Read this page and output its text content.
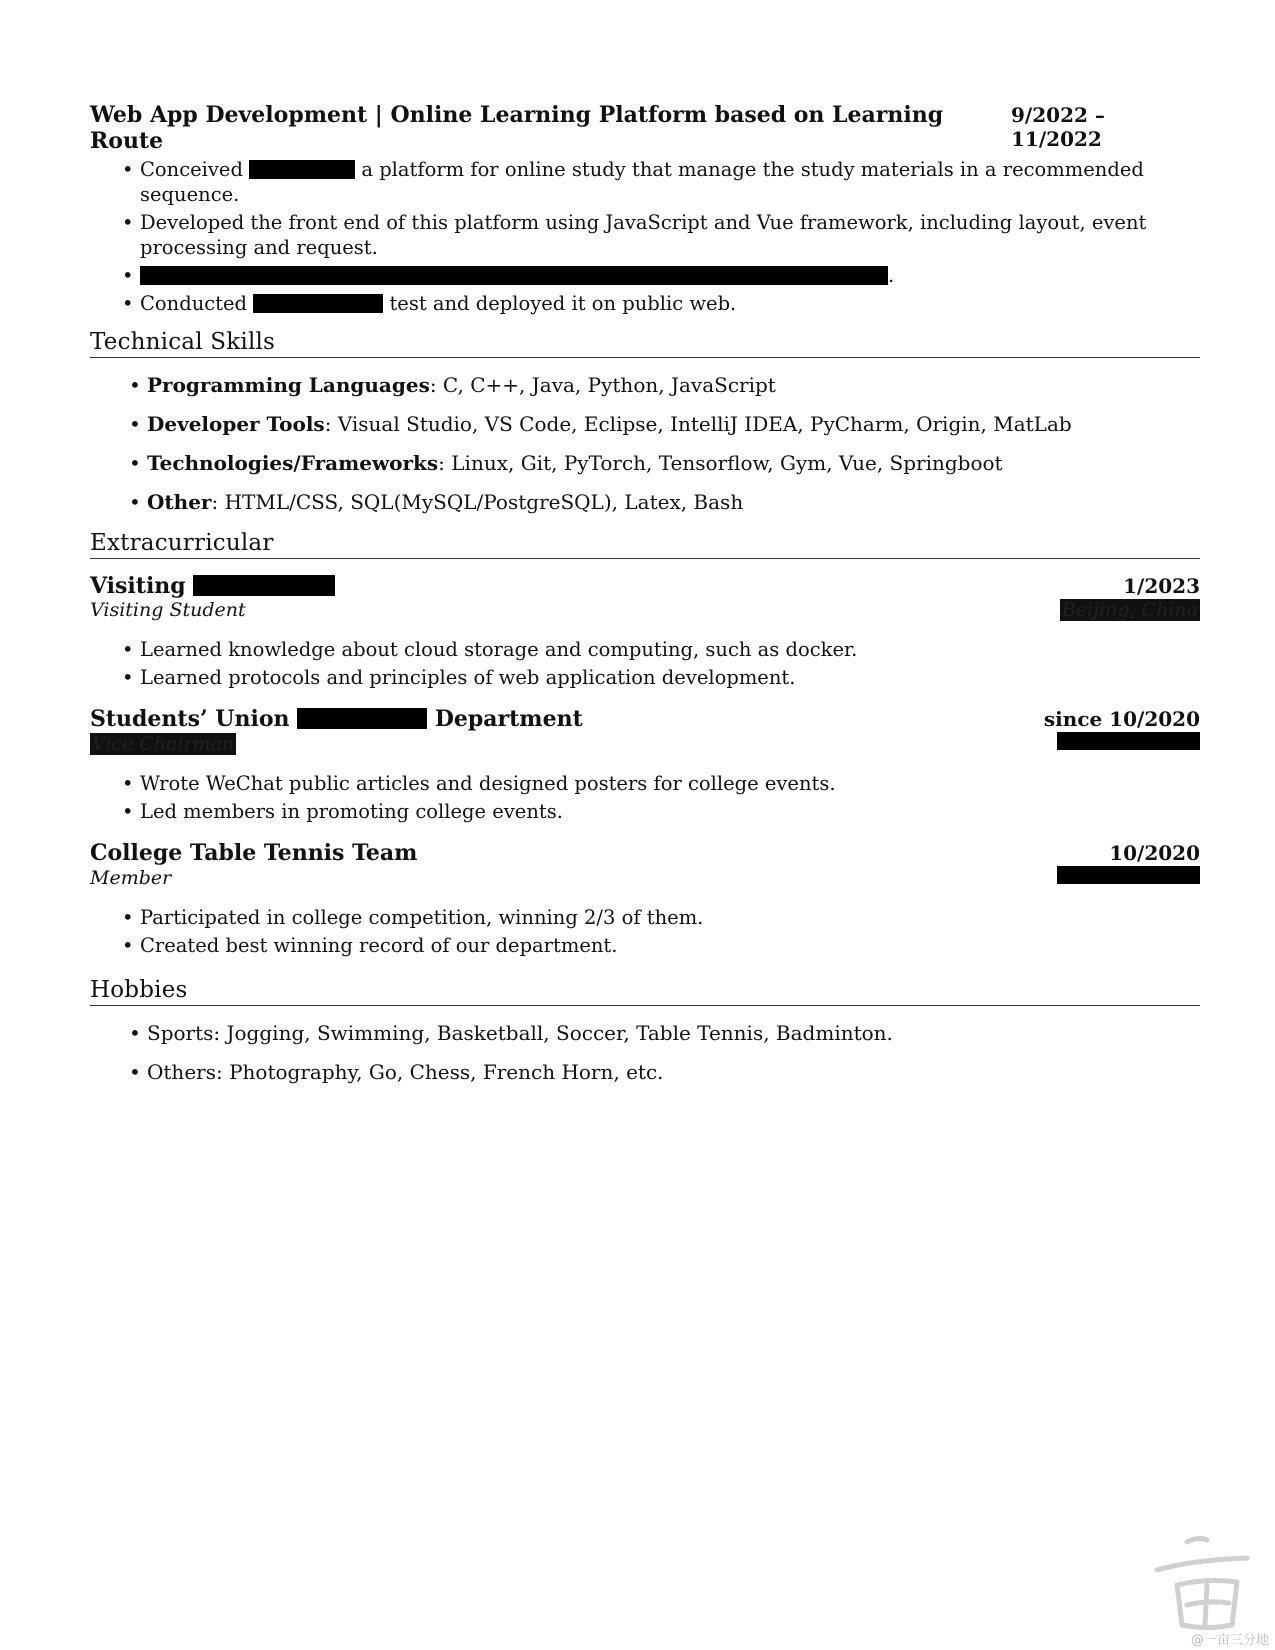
Web App Development | Online Learning Platform based on Learning Route
9/2022 – 11/2022
• Conceived	a platform for online study that manage the study materials in a recommended sequence.
• Developed the front end of this platform using JavaScript and Vue framework, including layout, event processing and request.
• .
• Conducted	test and deployed it on public web.
Technical Skills
• Programming Languages: C, C++, Java, Python, JavaScript
• Developer Tools: Visual Studio, VS Code, Eclipse, IntelliJ IDEA, PyCharm, Origin, MatLab
• Technologies/Frameworks: Linux, Git, PyTorch, Tensorflow, Gym, Vue, Springboot
• Other: HTML/CSS, SQL(MySQL/PostgreSQL), Latex, Bash
Extracurricular
Visiting	1/2023
Visiting Student	Beijing, China
• Learned knowledge about cloud storage and computing, such as docker.
• Learned protocols and principles of web application development.
Students’ Union	Department	since 10/2020
Vice Chairman
• Wrote WeChat public articles and designed posters for college events.
• Led members in promoting college events.
College Table Tennis Team	10/2020
Member
• Participated in college competition, winning 2/3 of them.
• Created best winning record of our department.
Hobbies
• Sports: Jogging, Swimming, Basketball, Soccer, Table Tennis, Badminton.
• Others: Photography, Go, Chess, French Horn, etc.
@一亩三分地
